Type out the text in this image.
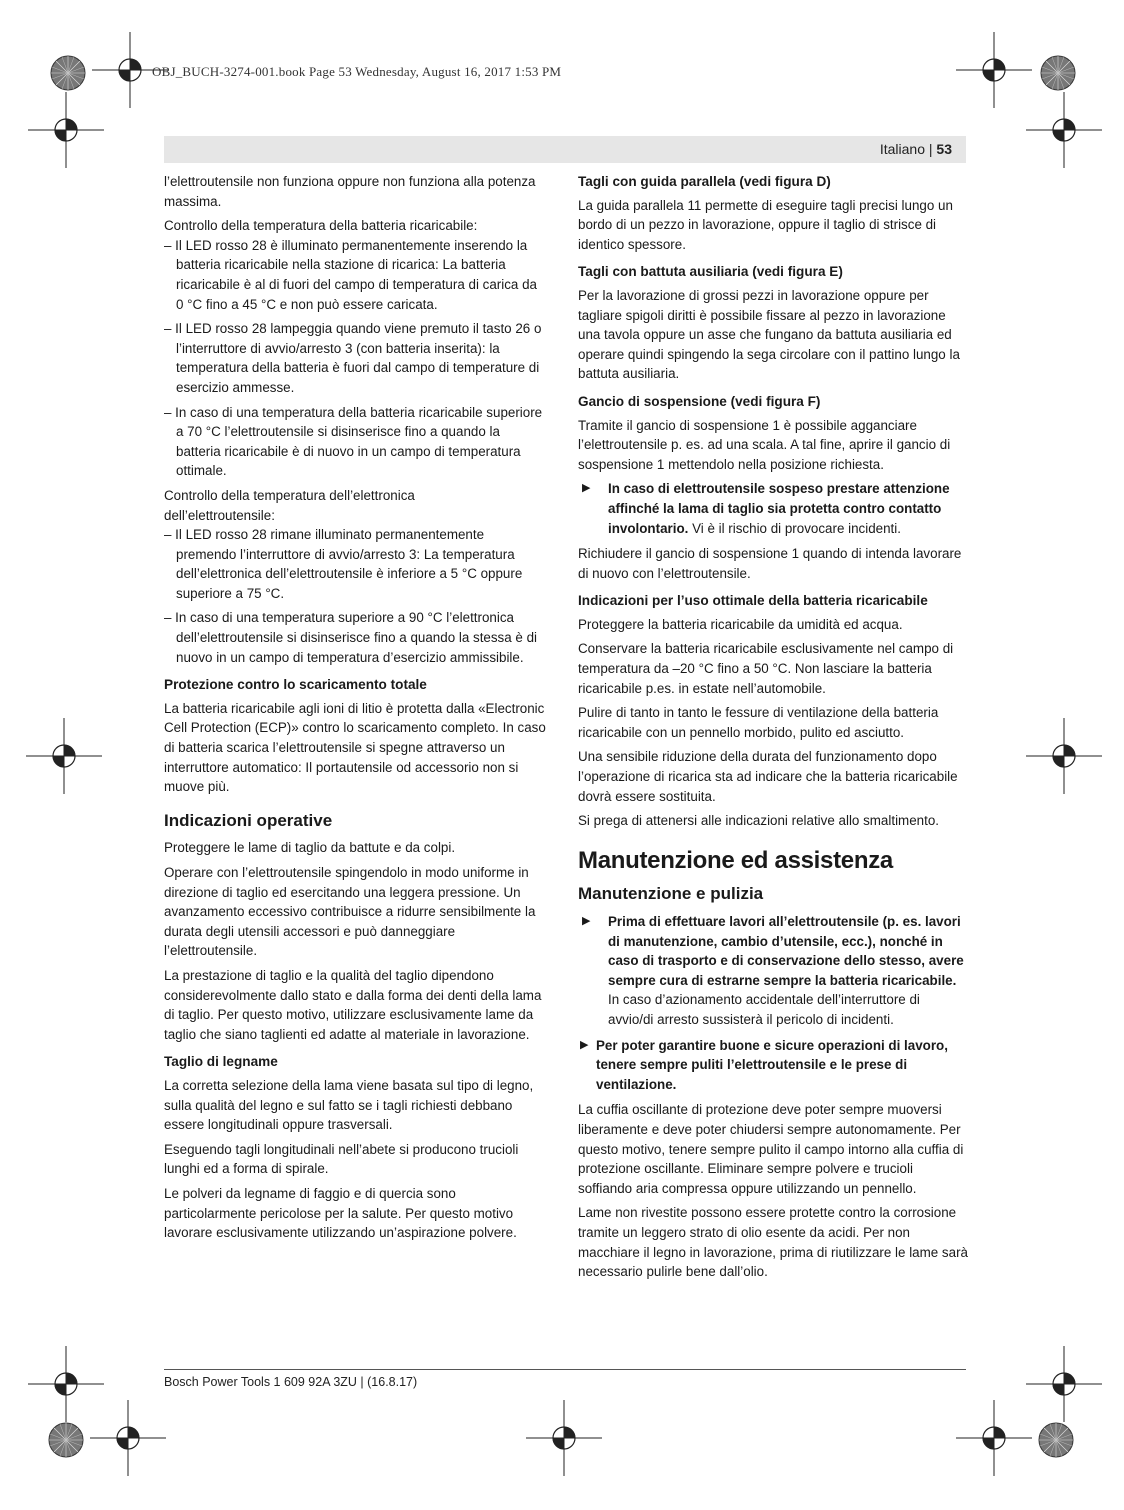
OBJ_BUCH-3274-001.book Page 53 Wednesday, August 16, 2017 1:53 PM
Italiano | 53

l’elettroutensile non funziona oppure non funziona alla potenza massima.

Controllo della temperatura della batteria ricaricabile:

– Il LED rosso 28 è illuminato permanentemente inserendo la batteria ricaricabile nella stazione di ricarica: La batteria ricaricabile è al di fuori del campo di temperatura di carica da 0 °C fino a 45 °C e non può essere caricata.

– Il LED rosso 28 lampeggia quando viene premuto il tasto 26 o l’interruttore di avvio/arresto 3 (con batteria inserita): la temperatura della batteria è fuori dal campo di temperature di esercizio ammesse.

– In caso di una temperatura della batteria ricaricabile superiore a 70 °C l’elettroutensile si disinserisce fino a quando la batteria ricaricabile è di nuovo in un campo di temperatura ottimale.

Controllo della temperatura dell’elettronica dell’elettroutensile:

– Il LED rosso 28 rimane illuminato permanentemente premendo l’interruttore di avvio/arresto 3: La temperatura dell’elettronica dell’elettroutensile è inferiore a 5 °C oppure superiore a 75 °C.

– In caso di una temperatura superiore a 90 °C l’elettronica dell’elettroutensile si disinserisce fino a quando la stessa è di nuovo in un campo di temperatura d’esercizio ammissibile.

Protezione contro lo scaricamento totale

La batteria ricaricabile agli ioni di litio è protetta dalla «Electronic Cell Protection (ECP)» contro lo scaricamento completo. In caso di batteria scarica l’elettroutensile si spegne attraverso un interruttore automatico: Il portautensile od accessorio non si muove più.

Indicazioni operative

Proteggere le lame di taglio da battute e da colpi.

Operare con l’elettroutensile spingendolo in modo uniforme in direzione di taglio ed esercitando una leggera pressione. Un avanzamento eccessivo contribuisce a ridurre sensibilmente la durata degli utensili accessori e può danneggiare l’elettroutensile.

La prestazione di taglio e la qualità del taglio dipendono considerevolmente dallo stato e dalla forma dei denti della lama di taglio. Per questo motivo, utilizzare esclusivamente lame da taglio che siano taglienti ed adatte al materiale in lavorazione.

Taglio di legname

La corretta selezione della lama viene basata sul tipo di legno, sulla qualità del legno e sul fatto se i tagli richiesti debbano essere longitudinali oppure trasversali.

Eseguendo tagli longitudinali nell’abete si producono trucioli lunghi ed a forma di spirale.

Le polveri da legname di faggio e di quercia sono particolarmente pericolose per la salute. Per questo motivo lavorare esclusivamente utilizzando un’aspirazione polvere.

Tagli con guida parallela (vedi figura D)

La guida parallela 11 permette di eseguire tagli precisi lungo un bordo di un pezzo in lavorazione, oppure il taglio di strisce di identico spessore.

Tagli con battuta ausiliaria (vedi figura E)

Per la lavorazione di grossi pezzi in lavorazione oppure per tagliare spigoli diritti è possibile fissare al pezzo in lavorazione una tavola oppure un asse che fungano da battuta ausiliaria ed operare quindi spingendo la sega circolare con il pattino lungo la battuta ausiliaria.

Gancio di sospensione (vedi figura F)

Tramite il gancio di sospensione 1 è possibile agganciare l’elettroutensile p. es. ad una scala. A tal fine, aprire il gancio di sospensione 1 mettendolo nella posizione richiesta.

▶ In caso di elettroutensile sospeso prestare attenzione affinché la lama di taglio sia protetta contro contatto involontario. Vi è il rischio di provocare incidenti.

Richiudere il gancio di sospensione 1 quando di intenda lavorare di nuovo con l’elettroutensile.

Indicazioni per l’uso ottimale della batteria ricaricabile

Proteggere la batteria ricaricabile da umidità ed acqua.

Conservare la batteria ricaricabile esclusivamente nel campo di temperatura da –20 °C fino a 50 °C. Non lasciare la batteria ricaricabile p.es. in estate nell’automobile.

Pulire di tanto in tanto le fessure di ventilazione della batteria ricaricabile con un pennello morbido, pulito ed asciutto.

Una sensibile riduzione della durata del funzionamento dopo l’operazione di ricarica sta ad indicare che la batteria ricaricabile dovrà essere sostituita.

Si prega di attenersi alle indicazioni relative allo smaltimento.

Manutenzione ed assistenza
Manutenzione e pulizia
▶ Prima di effettuare lavori all’elettroutensile (p. es. lavori di manutenzione, cambio d’utensile, ecc.), nonché in caso di trasporto e di conservazione dello stesso, avere sempre cura di estrarne sempre la batteria ricaricabile. In caso d’azionamento accidentale dell’interruttore di avvio/di arresto sussisterà il pericolo di incidenti.
▶ Per poter garantire buone e sicure operazioni di lavoro, tenere sempre puliti l’elettroutensile e le prese di ventilazione.

La cuffia oscillante di protezione deve poter sempre muoversi liberamente e deve poter chiudersi sempre autonomamente. Per questo motivo, tenere sempre pulito il campo intorno alla cuffia di protezione oscillante. Eliminare sempre polvere e trucioli soffiando aria compressa oppure utilizzando un pennello.

Lame non rivestite possono essere protette contro la corrosione tramite un leggero strato di olio esente da acidi. Per non macchiare il legno in lavorazione, prima di riutilizzare le lame sarà necessario pulirle bene dall’olio.

Bosch Power Tools 1 609 92A 3ZU | (16.8.17)
